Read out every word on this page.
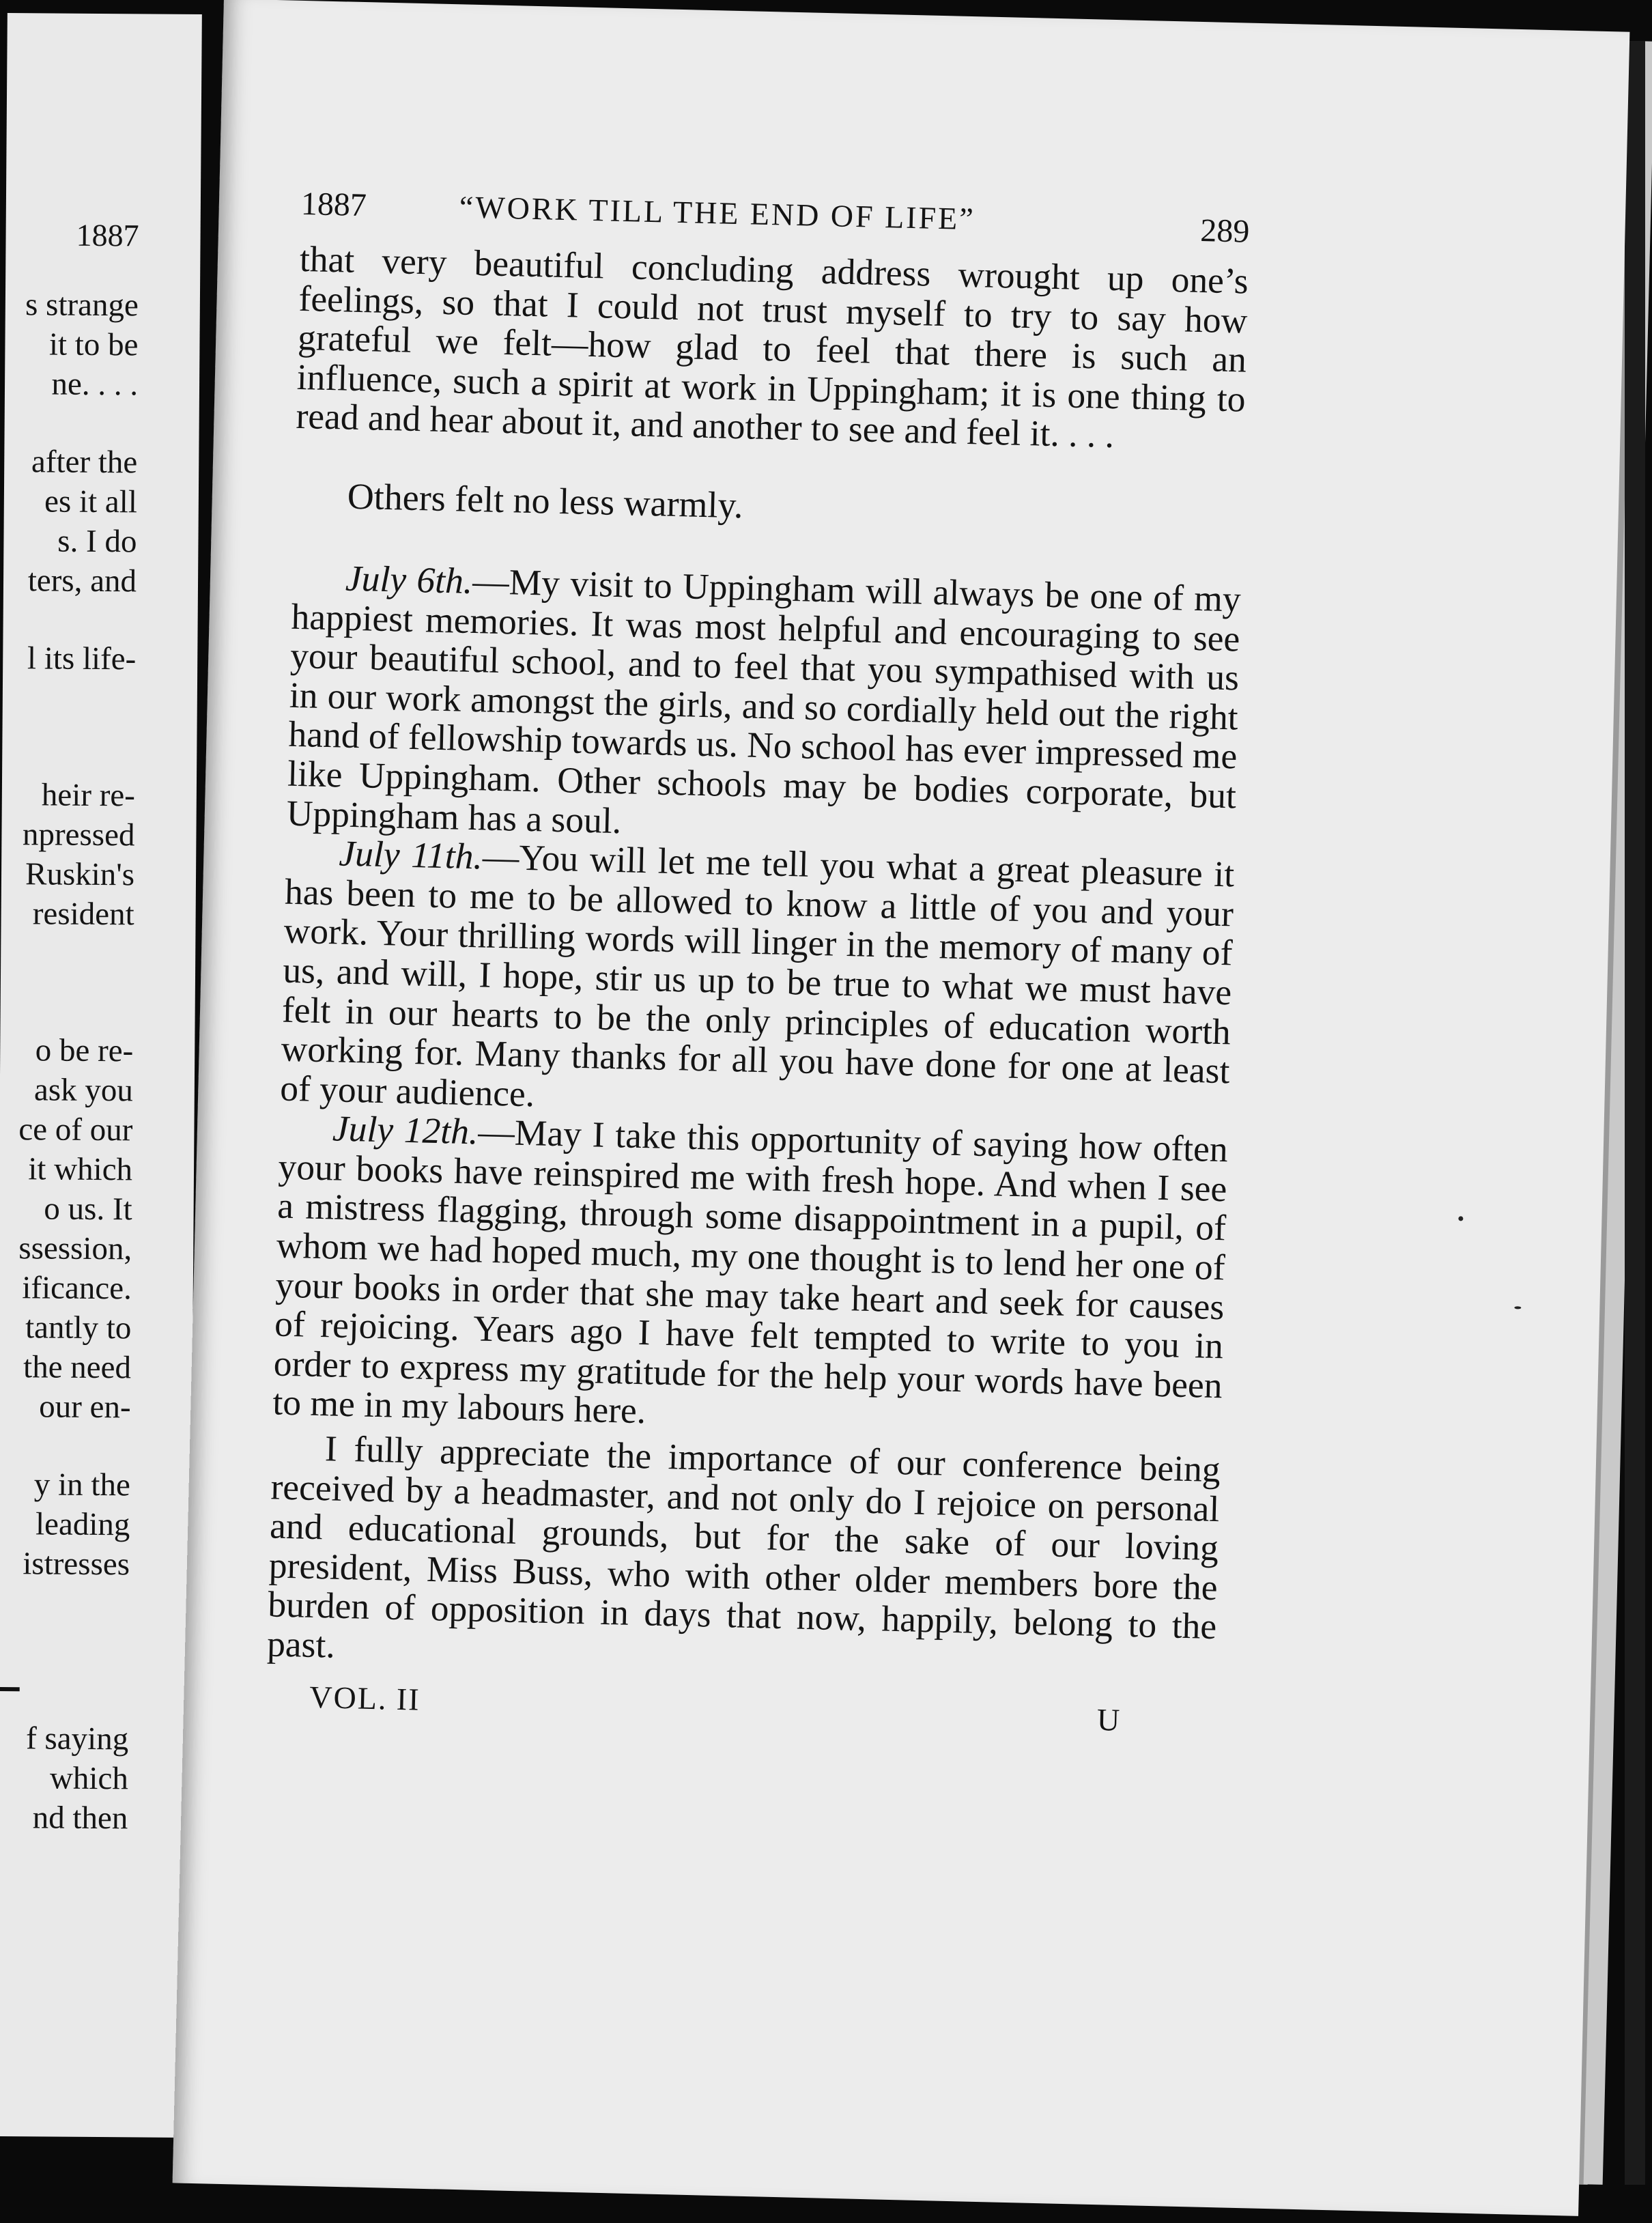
1887
s strange
it to be
ne. . . .
after the
es it all
s. I do
ters, and
l its life-
heir re-
npressed
Ruskin's
resident
o be re-
ask you
ce of our
it which
o us. It
ssession,
ificance.
tantly to
the need
our en-
y in the
leading
istresses
f saying
which
nd then
1887	“WORK TILL THE END OF LIFE”	289

that very beautiful concluding address wrought up one’s feelings, so that I could not trust myself to try to say how grateful we felt—how glad to feel that there is such an influence, such a spirit at work in Uppingham; it is one thing to read and hear about it, and another to see and feel it. . . .

Others felt no less warmly.

July 6th.—My visit to Uppingham will always be one of my happiest memories. It was most helpful and encouraging to see your beautiful school, and to feel that you sympathised with us in our work amongst the girls, and so cordially held out the right hand of fellowship towards us. No school has ever impressed me like Uppingham. Other schools may be bodies corporate, but Uppingham has a soul.

July 11th.—You will let me tell you what a great pleasure it has been to me to be allowed to know a little of you and your work. Your thrilling words will linger in the memory of many of us, and will, I hope, stir us up to be true to what we must have felt in our hearts to be the only principles of education worth working for. Many thanks for all you have done for one at least of your audience.

July 12th.—May I take this opportunity of saying how often your books have reinspired me with fresh hope. And when I see a mistress flagging, through some disappointment in a pupil, of whom we had hoped much, my one thought is to lend her one of your books in order that she may take heart and seek for causes of rejoicing. Years ago I have felt tempted to write to you in order to express my gratitude for the help your words have been to me in my labours here.

I fully appreciate the importance of our conference being received by a headmaster, and not only do I rejoice on personal and educational grounds, but for the sake of our loving president, Miss Buss, who with other older members bore the burden of opposition in days that now, happily, belong to the past.

VOL. II
U
